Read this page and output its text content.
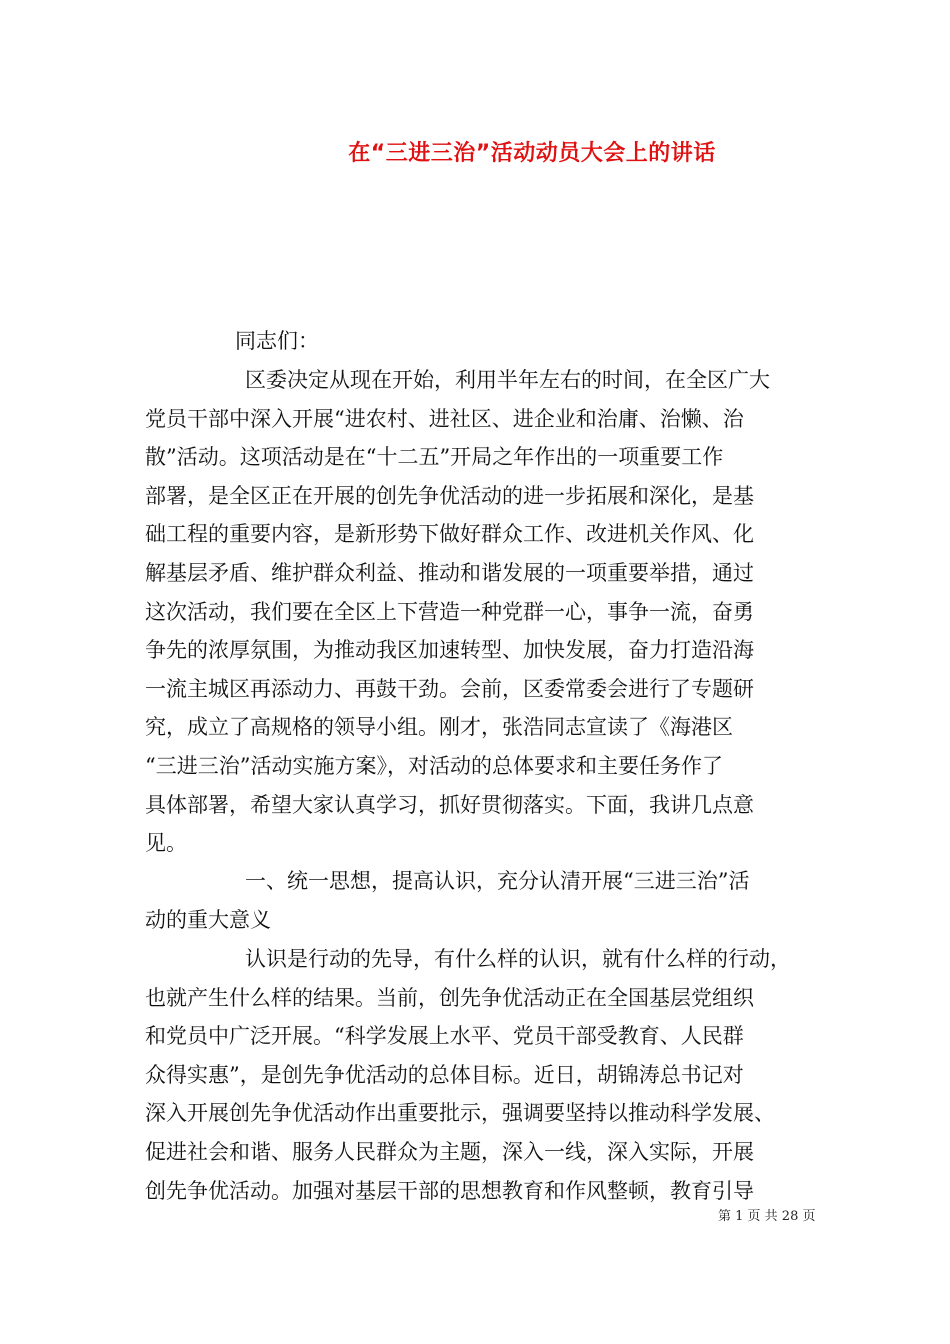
在“三进三治”活动动员大会上的讲话
同志们：
区委决定从现在开始，利用半年左右的时间，在全区广大
党员干部中深入开展“进农村、进社区、进企业和治庸、治懒、治
散”活动。这项活动是在“十二五”开局之年作出的一项重要工作
部署，是全区正在开展的创先争优活动的进一步拓展和深化，是基
础工程的重要内容，是新形势下做好群众工作、改进机关作风、化
解基层矛盾、维护群众利益、推动和谐发展的一项重要举措，通过
这次活动，我们要在全区上下营造一种党群一心，事争一流，奋勇
争先的浓厚氛围，为推动我区加速转型、加快发展，奋力打造沿海
一流主城区再添动力、再鼓干劲。会前，区委常委会进行了专题研
究，成立了高规格的领导小组。刚才，张浩同志宣读了《海港区
“三进三治”活动实施方案》，对活动的总体要求和主要任务作了
具体部署，希望大家认真学习，抓好贯彻落实。下面，我讲几点意
见。
一、统一思想，提高认识，充分认清开展“三进三治”活
动的重大意义
认识是行动的先导，有什么样的认识，就有什么样的行动，
也就产生什么样的结果。当前，创先争优活动正在全国基层党组织
和党员中广泛开展。“科学发展上水平、党员干部受教育、人民群
众得实惠”，是创先争优活动的总体目标。近日，胡锦涛总书记对
深入开展创先争优活动作出重要批示，强调要坚持以推动科学发展、
促进社会和谐、服务人民群众为主题，深入一线，深入实际，开展
创先争优活动。加强对基层干部的思想教育和作风整顿，教育引导
第 1 页 共 28 页
